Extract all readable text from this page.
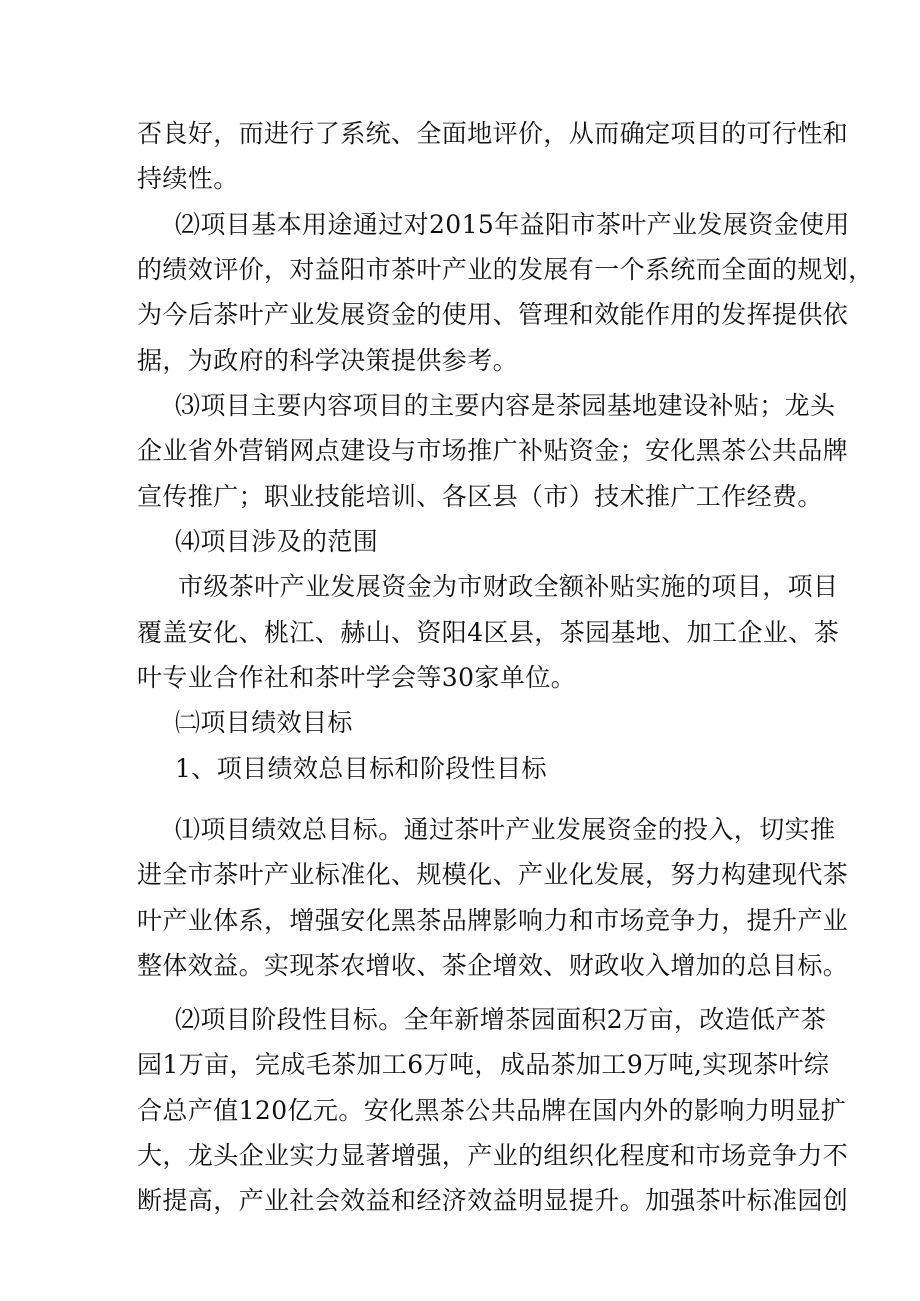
否良好，而进行了系统、全面地评价，从而确定项目的可行性和
持续性。
⑵项目基本用途通过对2015年益阳市茶叶产业发展资金使用
的绩效评价，对益阳市茶叶产业的发展有一个系统而全面的规划，
为今后茶叶产业发展资金的使用、管理和效能作用的发挥提供依
据，为政府的科学决策提供参考。
⑶项目主要内容项目的主要内容是茶园基地建设补贴；龙头
企业省外营销网点建设与市场推广补贴资金；安化黑茶公共品牌
宣传推广；职业技能培训、各区县（市）技术推广工作经费。
⑷项目涉及的范围
市级茶叶产业发展资金为市财政全额补贴实施的项目，项目
覆盖安化、桃江、赫山、资阳4区县，茶园基地、加工企业、茶
叶专业合作社和茶叶学会等30家单位。
㈡项目绩效目标
1、项目绩效总目标和阶段性目标
⑴项目绩效总目标。通过茶叶产业发展资金的投入，切实推
进全市茶叶产业标准化、规模化、产业化发展，努力构建现代茶
叶产业体系，增强安化黑茶品牌影响力和市场竞争力，提升产业
整体效益。实现茶农增收、茶企增效、财政收入增加的总目标。
⑵项目阶段性目标。全年新增茶园面积2万亩，改造低产茶
园1万亩，完成毛茶加工6万吨，成品茶加工9万吨,实现茶叶综
合总产值120亿元。安化黑茶公共品牌在国内外的影响力明显扩
大，龙头企业实力显著增强，产业的组织化程度和市场竞争力不
断提高，产业社会效益和经济效益明显提升。加强茶叶标准园创
